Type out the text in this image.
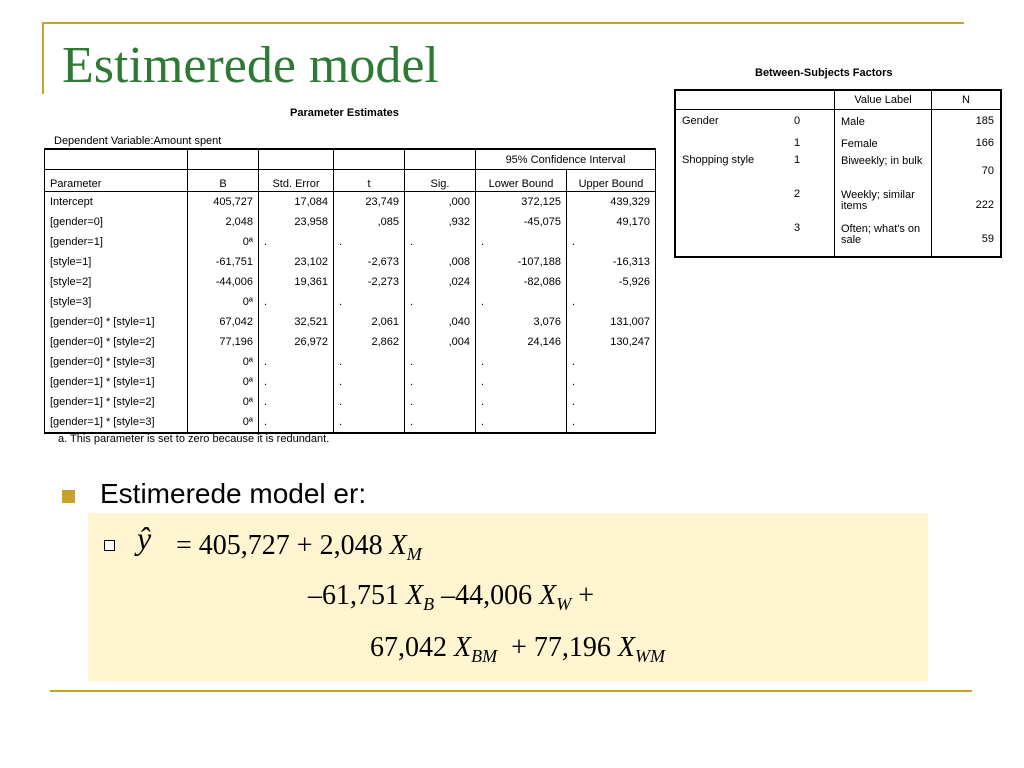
Estimerede model
Parameter Estimates
Dependent Variable:Amount spent
					95% Confidence Interval	
Parameter	B	Std. Error	t	Sig.	Lower Bound	Upper Bound
Intercept	405,727	17,084	23,749	,000	372,125	439,329
[gender=0]	2,048	23,958	,085	,932	-45,075	49,170
[gender=1]	0ª	.	.	.	.	.
[style=1]	-61,751	23,102	-2,673	,008	-107,188	-16,313
[style=2]	-44,006	19,361	-2,273	,024	-82,086	-5,926
[style=3]	0ª	.	.	.	.	.
[gender=0] * [style=1]	67,042	32,521	2,061	,040	3,076	131,007
[gender=0] * [style=2]	77,196	26,972	2,862	,004	24,146	130,247
[gender=0] * [style=3]	0ª	.	.	.	.	.
[gender=1] * [style=1]	0ª	.	.	.	.	.
[gender=1] * [style=2]	0ª	.	.	.	.	.
[gender=1] * [style=3]	0ª	.	.	.	.	.
a. This parameter is set to zero because it is redundant.
Between-Subjects Factors
		Value Label	N
Gender	0	Male	185
	1	Female	166
Shopping style	1	Biweekly; in bulk	70
	2	Weekly; similar items	222
	3	Often; what's on sale	59
Estimerede model er:
ŷ = 405,727 + 2,048 $X_M$
–61,751 $X_B$ –44,006 $X_W$ +
67,042 $X_{BM} + 77,196$ $X_{WM}$
